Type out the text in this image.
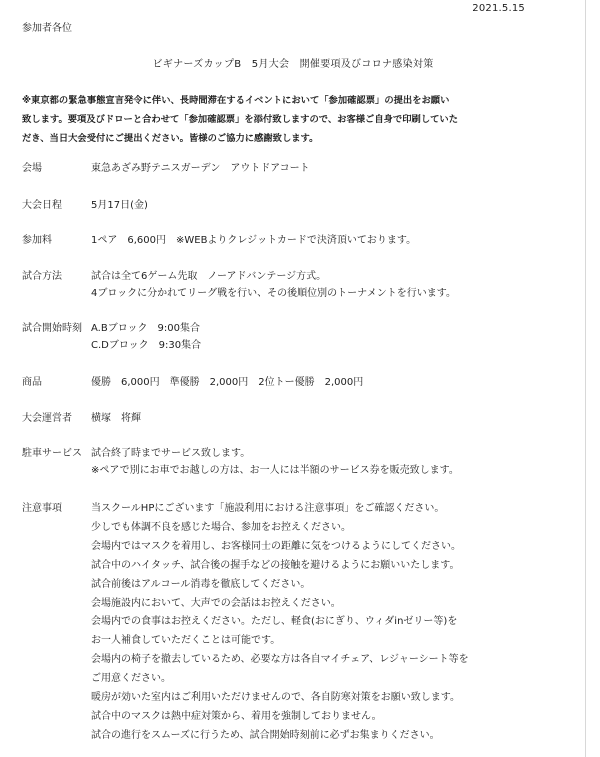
2021.5.15
参加者各位
ビギナーズカップB　5月大会　開催要項及びコロナ感染対策
※東京都の緊急事態宣言発令に伴い、長時間滞在するイベントにおいて「参加確認票」の提出をお願い
致します。要項及びドローと合わせて「参加確認票」を添付致しますので、お客様ご自身で印刷していた
だき、当日大会受付にご提出ください。皆様のご協力に感謝致します。
会場	東急あざみ野テニスガーデン　アウトドアコート
大会日程	5月17日(金)
参加料	1ペア　6,600円　※WEBよりクレジットカードで決済頂いております。
試合方法	試合は全て6ゲーム先取　ノーアドバンテージ方式。
4ブロックに分かれてリーグ戦を行い、その後順位別のトーナメントを行います。
試合開始時刻 A.Bブロック　9:00集合
C.Dブロック　9:30集合
商品	優勝　6,000円　準優勝　2,000円　2位トー優勝　2,000円
大会運営者 横塚　将輝
駐車サービス 試合終了時までサービス致します。
※ペアで別にお車でお越しの方は、お一人には半額のサービス券を販売致します。
注意事項	当スクールHPにございます「施設利用における注意事項」をご確認ください。
少しでも体調不良を感じた場合、参加をお控えください。
会場内ではマスクを着用し、お客様同士の距離に気をつけるようにしてください。
試合中のハイタッチ、試合後の握手などの接触を避けるようにお願いいたします。
試合前後はアルコール消毒を徹底してください。
会場施設内において、大声での会話はお控えください。
会場内での食事はお控えください。ただし、軽食(おにぎり、ウィダinゼリー等)を
お一人補食していただくことは可能です。
会場内の椅子を撤去しているため、必要な方は各自マイチェア、レジャーシート等を
ご用意ください。
暖房が効いた室内はご利用いただけませんので、各自防寒対策をお願い致します。
試合中のマスクは熱中症対策から、着用を強制しておりません。
試合の進行をスムーズに行うため、試合開始時刻前に必ずお集まりください。
